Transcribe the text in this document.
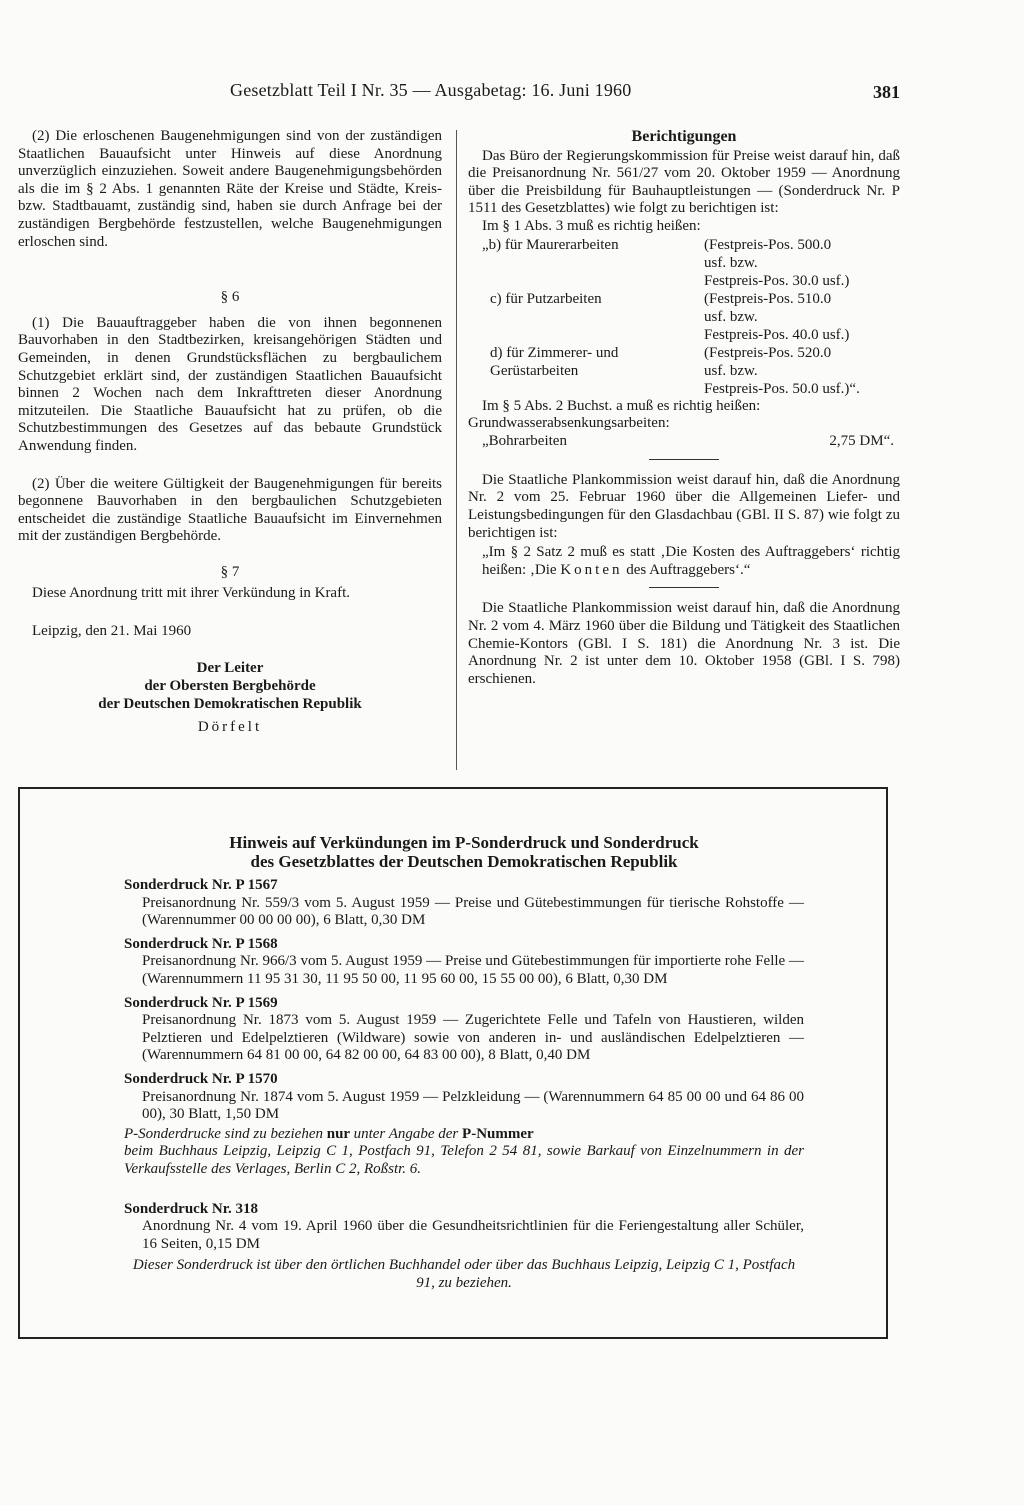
Gesetzblatt Teil I Nr. 35 — Ausgabetag: 16. Juni 1960	381

(2) Die erloschenen Baugenehmigungen sind von der zuständigen Staatlichen Bauaufsicht unter Hinweis auf diese Anordnung unverzüglich einzuziehen. Soweit andere Baugenehmigungsbehörden als die im § 2 Abs. 1 genannten Räte der Kreise und Städte, Kreis- bzw. Stadtbauamt, zuständig sind, haben sie durch Anfrage bei der zuständigen Bergbehörde festzustellen, welche Baugenehmigungen erloschen sind.

§ 6

(1) Die Bauauftraggeber haben die von ihnen begonnenen Bauvorhaben in den Stadtbezirken, kreisangehörigen Städten und Gemeinden, in denen Grundstücksflächen zu bergbaulichem Schutzgebiet erklärt sind, der zuständigen Staatlichen Bauaufsicht binnen 2 Wochen nach dem Inkrafttreten dieser Anordnung mitzuteilen. Die Staatliche Bauaufsicht hat zu prüfen, ob die Schutzbestimmungen des Gesetzes auf das bebaute Grundstück Anwendung finden.

(2) Über die weitere Gültigkeit der Baugenehmigungen für bereits begonnene Bauvorhaben in den bergbaulichen Schutzgebieten entscheidet die zuständige Staatliche Bauaufsicht im Einvernehmen mit der zuständigen Bergbehörde.

§ 7

Diese Anordnung tritt mit ihrer Verkündung in Kraft.

Leipzig, den 21. Mai 1960

Der Leiter
der Obersten Bergbehörde
der Deutschen Demokratischen Republik
Dörfelt
Berichtigungen

Das Büro der Regierungskommission für Preise weist darauf hin, daß die Preisanordnung Nr. 561/27 vom 20. Oktober 1959 — Anordnung über die Preisbildung für Bauhauptleistungen — (Sonderdruck Nr. P 1511 des Gesetzblattes) wie folgt zu berichtigen ist:

Im § 1 Abs. 3 muß es richtig heißen:

„b) für Maurerarbeiten	(Festpreis-Pos. 500.0
usf. bzw.
Festpreis-Pos. 30.0 usf.)

c) für Putzarbeiten	(Festpreis-Pos. 510.0
usf. bzw.
Festpreis-Pos. 40.0 usf.)

d) für Zimmerer- und Gerüstarbeiten	(Festpreis-Pos. 520.0
usf. bzw.
Festpreis-Pos. 50.0 usf.)“.

Im § 5 Abs. 2 Buchst. a muß es richtig heißen:

Grundwasserabsenkungsarbeiten:

„Bohrarbeiten	2,75 DM“.

Die Staatliche Plankommission weist darauf hin, daß die Anordnung Nr. 2 vom 25. Februar 1960 über die Allgemeinen Liefer- und Leistungsbedingungen für den Glasdachbau (GBl. II S. 87) wie folgt zu berichtigen ist:

„Im § 2 Satz 2 muß es statt ‚Die Kosten des Auftraggebers‘ richtig heißen: ‚Die Konten des Auftraggebers‘.“

Die Staatliche Plankommission weist darauf hin, daß die Anordnung Nr. 2 vom 4. März 1960 über die Bildung und Tätigkeit des Staatlichen Chemie-Kontors (GBl. I S. 181) die Anordnung Nr. 3 ist. Die Anordnung Nr. 2 ist unter dem 10. Oktober 1958 (GBl. I S. 798) erschienen.

Hinweis auf Verkündungen im P-Sonderdruck und Sonderdruck
des Gesetzblattes der Deutschen Demokratischen Republik
Sonderdruck Nr. P 1567
Preisanordnung Nr. 559/3 vom 5. August 1959 — Preise und Gütebestimmungen für tierische Rohstoffe — (Warennummer 00 00 00 00), 6 Blatt, 0,30 DM
Sonderdruck Nr. P 1568
Preisanordnung Nr. 966/3 vom 5. August 1959 — Preise und Gütebestimmungen für importierte rohe Felle — (Warennummern 11 95 31 30, 11 95 50 00, 11 95 60 00, 15 55 00 00), 6 Blatt, 0,30 DM
Sonderdruck Nr. P 1569
Preisanordnung Nr. 1873 vom 5. August 1959 — Zugerichtete Felle und Tafeln von Haustieren, wilden Pelztieren und Edelpelztieren (Wildware) sowie von anderen in- und ausländischen Edelpelztieren — (Warennummern 64 81 00 00, 64 82 00 00, 64 83 00 00), 8 Blatt, 0,40 DM
Sonderdruck Nr. P 1570
Preisanordnung Nr. 1874 vom 5. August 1959 — Pelzkleidung — (Warennummern 64 85 00 00 und 64 86 00 00), 30 Blatt, 1,50 DM
P-Sonderdrucke sind zu beziehen nur unter Angabe der P-Nummer
beim Buchhaus Leipzig, Leipzig C 1, Postfach 91, Telefon 2 54 81, sowie Barkauf von Einzelnummern in der Verkaufsstelle des Verlages, Berlin C 2, Roßstr. 6.
Sonderdruck Nr. 318
Anordnung Nr. 4 vom 19. April 1960 über die Gesundheitsrichtlinien für die Feriengestaltung aller Schüler, 16 Seiten, 0,15 DM
Dieser Sonderdruck ist über den örtlichen Buchhandel oder über das Buchhaus Leipzig, Leipzig C 1, Postfach 91, zu beziehen.
